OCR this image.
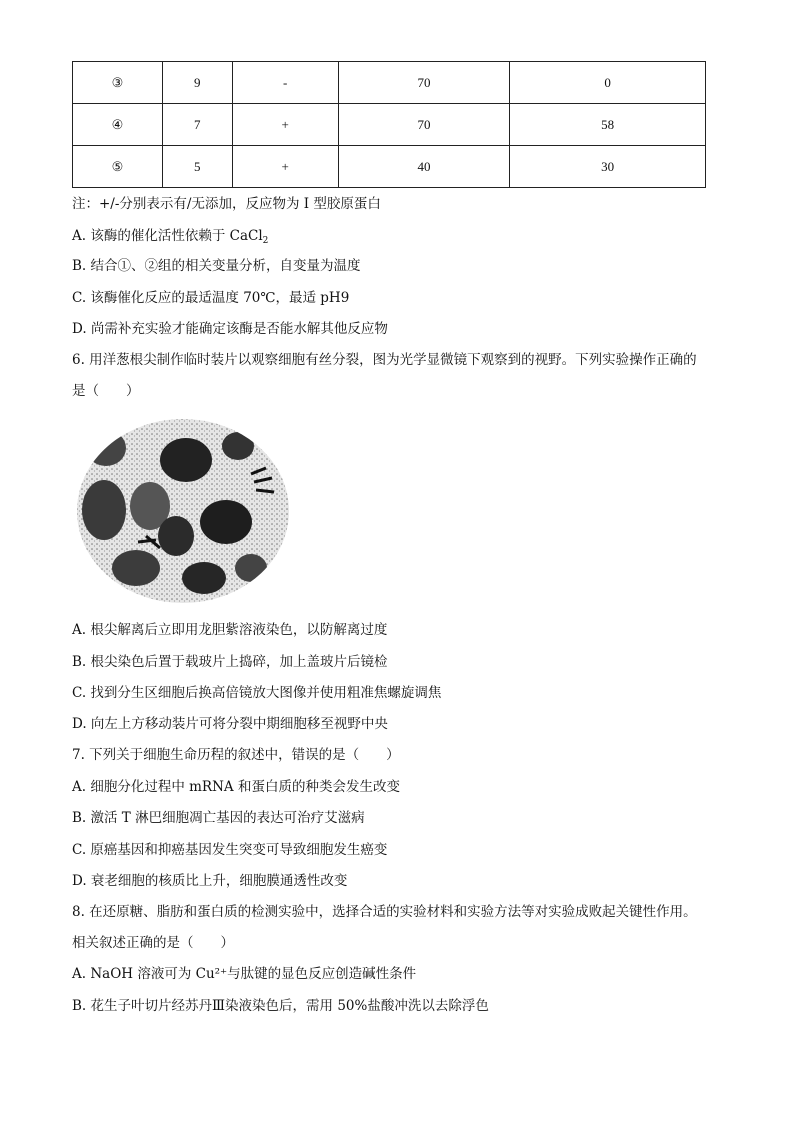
③	9	-	70	0
④	7	+	70	58
⑤	5	+	40	30
注：+/-分别表示有/无添加，反应物为 I 型胶原蛋白
A. 该酶的催化活性依赖于 CaCl$_2$
B. 结合①、②组的相关变量分析，自变量为温度
C. 该酶催化反应的最适温度 70℃，最适 pH9
D. 尚需补充实验才能确定该酶是否能水解其他反应物
6. 用洋葱根尖制作临时装片以观察细胞有丝分裂，图为光学显微镜下观察到的视野。下列实验操作正确的
是（　　）
A. 根尖解离后立即用龙胆紫溶液染色，以防解离过度
B. 根尖染色后置于载玻片上捣碎，加上盖玻片后镜检
C. 找到分生区细胞后换高倍镜放大图像并使用粗准焦螺旋调焦
D. 向左上方移动装片可将分裂中期细胞移至视野中央
7. 下列关于细胞生命历程的叙述中，错误的是（　　）
A. 细胞分化过程中 mRNA 和蛋白质的种类会发生改变
B. 激活 T 淋巴细胞凋亡基因的表达可治疗艾滋病
C. 原癌基因和抑癌基因发生突变可导致细胞发生癌变
D. 衰老细胞的核质比上升，细胞膜通透性改变
8. 在还原糖、脂肪和蛋白质的检测实验中，选择合适的实验材料和实验方法等对实验成败起关键性作用。
相关叙述正确的是（　　）
A. NaOH 溶液可为 Cu²⁺与肽键的显色反应创造碱性条件
B. 花生子叶切片经苏丹Ⅲ染液染色后，需用 50%盐酸冲洗以去除浮色
